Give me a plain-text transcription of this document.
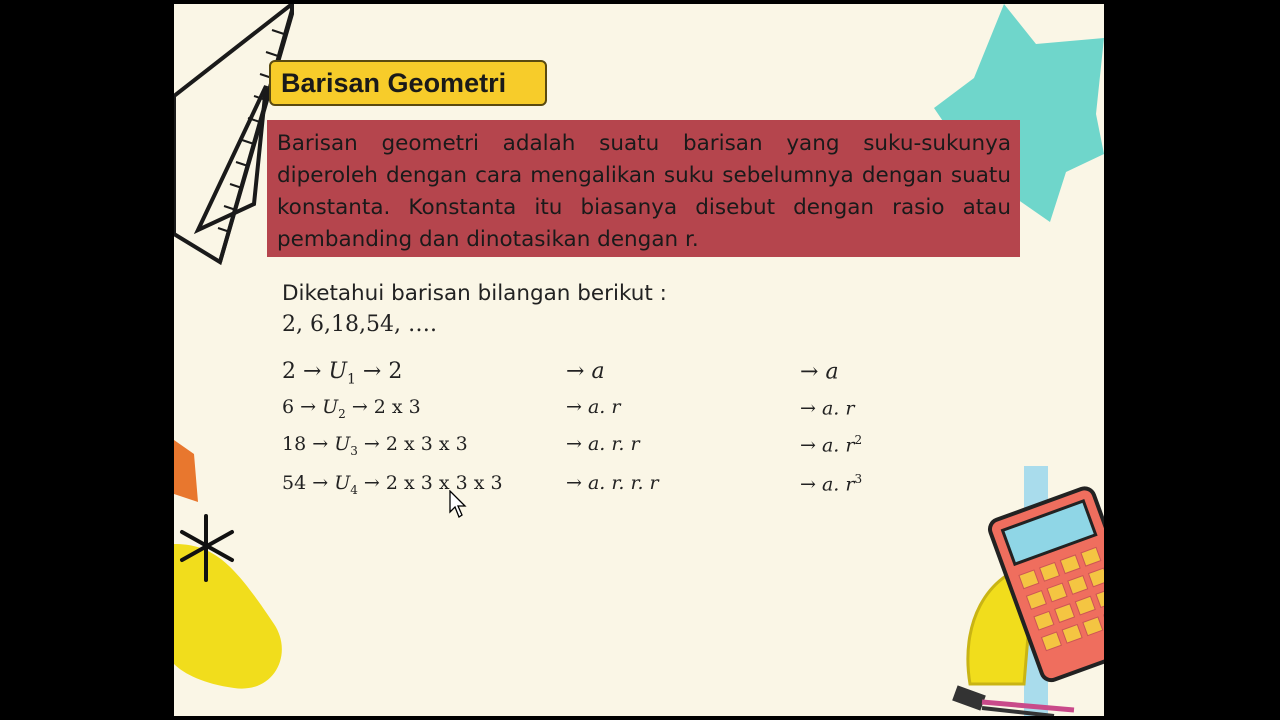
Barisan Geometri

Barisan geometri adalah suatu barisan yang suku-sukunya diperoleh dengan cara mengalikan suku sebelumnya dengan suatu konstanta. Konstanta itu biasanya disebut dengan rasio atau pembanding dan dinotasikan dengan r.

Diketahui barisan bilangan berikut :
2, 6,18,54, ….
$2 \to U_1 \to 2$	→ a	→ a
$6 \to U_2 \to 2$ x 3	→ a. r	→ a. r
$18 \to U_3 \to 2$ x 3 x 3	→ a. r. r	→ a. $r^2$
$54 \to U_4 \to 2$ x 3 x 3 x 3	→ a. r. r. r	→ a. $r^3$
